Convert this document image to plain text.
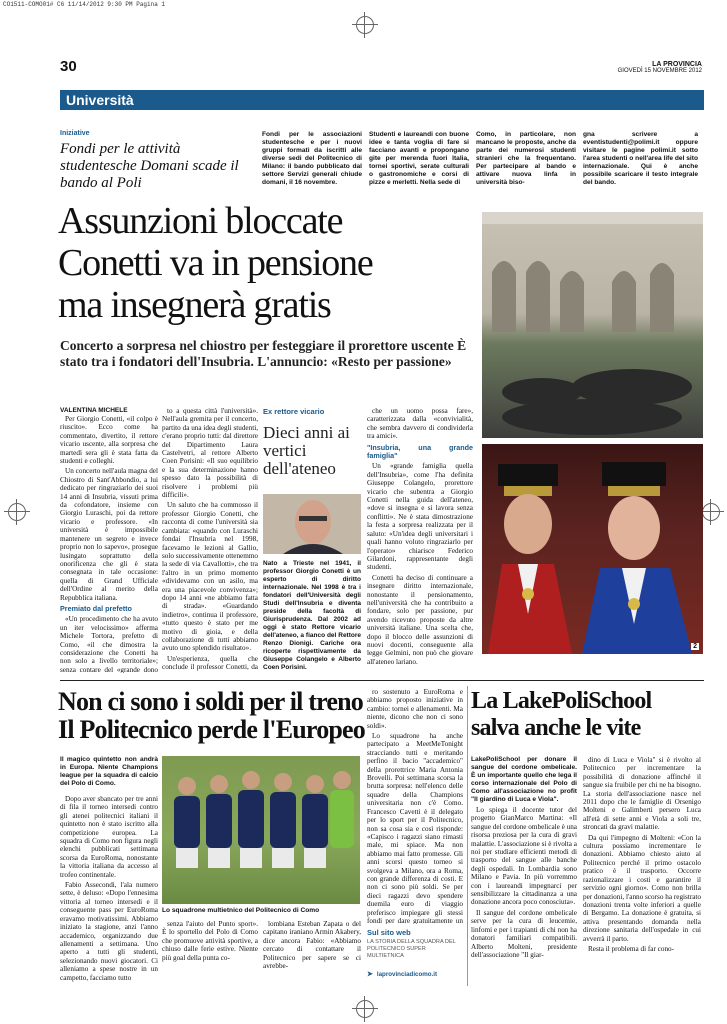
CO1511-COMO01# C6 11/14/2012 9:30 PM Pagina 1
30	LA PROVINCIA
GIOVEDÌ 15 NOVEMBRE 2012
Università
Iniziative
Fondi per le attività studentesche Domani scade il bando al Poli
Fondi per le associazioni studentesche e per i nuovi gruppi formati da iscritti alle diverse sedi del Politecnico di Milano: il bando pubblicato dal settore Servizi generali chiude domani, il 16 novembre.
Studenti e laureandi con buone idee e tanta voglia di fare si facciano avanti e propongano gite per merenda fuori Italia, tornei sportivi, serate culturali o gastronomiche e corsi di pizze e merletti. Nella sede di
Como, in particolare, non mancano le proposte, anche da parte dei numerosi studenti stranieri che la frequentano. Per partecipare al bando e attivare nuova linfa in università biso-
gna scrivere a eventistudenti@polimi.it oppure visitare le pagine polimi.it sotto l'area studenti o nell'area life del sito internazionale. Qui è anche possibile scaricare il testo integrale del bando.
Assunzioni bloccate
Conetti va in pensione
ma insegnerà gratis
Concerto a sorpresa nel chiostro per festeggiare il prorettore uscente È stato tra i fondatori dell'Insubria. L'annuncio: «Resto per passione»
2
VALENTINA MICHELE

Per Giorgio Conetti, «il colpo è riuscito». Ecco come ha commentato, divertito, il rettore vicario uscente, alla sorpresa che martedì sera gli è stata fatta da studenti e colleghi.

Un concerto nell'aula magna del Chiostro di Sant'Abbondio, a lui dedicato per ringraziarlo dei suoi 14 anni di Insubria, vissuti prima da cofondatore, insieme con Giorgio Luraschi, poi da rettore vicario e professore. «In università è impossibile mantenere un segreto e invece proprio non lo sapevo», prosegue lusingato soprattutto della onorificenza che gli è stata consegnata in tale occasione: quella di Grand Ufficiale dell'Ordine al merito della Repubblica italiana.

Premiato dal prefetto

«Un procedimento che ha avuto un iter velocissimo» afferma Michele Tortora, prefetto di Como, «il che dimostra la considerazione che Conetti ha non solo a livello territoriale»; senza contare del «grande dono

to a questa città l'università». Nell'aula gremita per il concerto, partito da una idea degli studenti, c'erano proprio tutti: dal direttore del Dipartimento Laura Castelvetri, al rettore Alberto Coen Porisini: «Il suo equilibrio e la sua determinazione hanno spesso dato la possibilità di risolvere i problemi più difficili».

Un saluto che ha commosso il professor Giorgio Conetti, che racconta di come l'università sia cambiata: «quando con Luraschi fondai l'Insubria nel 1998, facevamo le lezioni al Gallio, solo successivamente ottenemmo la sede di via Cavallotti», che tra l'altro in un primo momento «dividevamo con un asilo, ma era una piacevole convivenza»; dopo 14 anni «ne abbiamo fatta di strada». «Guardando indietro», continua il professore, «tutto questo è stato per me motivo di gioia, e della collaborazione di tutti abbiamo avuto uno splendido risultato».

Un'esperienza, quella che conclude il professor Conetti, da

Ex rettore vicario
Dieci anni ai vertici dell'ateneo
Nato a Trieste nel 1941, il professor Giorgio Conetti è un esperto di diritto internazionale. Nel 1998 è tra i fondatori dell'Università degli Studi dell'Insubria e diventa preside della facoltà di Giurisprudenza. Dal 2002 ad oggi è stato Rettore vicario dell'ateneo, a fianco del Rettore Renzo Dionigi. Cariche ora ricoperte rispettivamente da Giuseppe Colangelo e Alberto Coen Porisini.

che un uomo possa fare», caratterizzata dalla «convivialità, che sembra davvero di condividerla tra amici».

"Insubria, una grande famiglia"

Un «grande famiglia quella dell'Insubria», come l'ha definita Giuseppe Colangelo, prorettore vicario che subentra a Giorgio Conetti nella guida dell'ateneo, «dove si insegna e si lavora senza conflitti». Ne è stata dimostrazione la festa a sorpresa realizzata per il saluto: «Un'idea degli universitari i quali hanno voluto ringraziarlo per l'operato» chiarisce Federico Gilardoni, rappresentante degli studenti.

Conetti ha deciso di continuare a insegnare diritto internazionale, nonostante il pensionamento, nell'università che ha contribuito a fondare, solo per passione, pur avendo ricevuto proposte da altre università italiane. Una scelta che, dopo il blocco delle assunzioni di nuovi docenti, conseguente alla legge Gelmini, non può che giovare all'ateneo lariano.

Non ci sono i soldi per il treno
Il Politecnico perde l'Europeo
Il magico quintetto non andrà in Europa. Niente Champions league per la squadra di calcio del Polo di Como.

Dopo aver sbancato per tre anni di fila il torneo intersedi contro gli atenei politecnici italiani il quintetto non è stato iscritto alla competizione europea. La squadra di Como non figura negli elenchi pubblicati settimana scorsa da EuroRoma, nonostante la vittoria italiana da accesso al trofeo continentale.

Fabio Assecondi, l'ala numero sette, è deluso: «Dopo l'ennesima vittoria al torneo intersedi e il conseguente pass per EuroRoma eravamo motivatissimi. Abbiamo iniziato la stagione, anzi l'anno accademico, organizzando due allenamenti a settimana. Uno aperto a tutti gli studenti, selezionando nuovi giocatori. Ci alleniamo a spese nostre in un campetto, facciamo tutto

Lo squadrone multietnico del Politecnico di Como

senza l'aiuto del Punto sport». È lo sportello del Polo di Como che promuove attività sportive, a chiuso dalle ferie estive. Niente più goal della punta co-

lombiana Esteban Zapata o del capitano iraniano Armin Akabery, dice ancora Fabio: «Abbiamo cercato di contattare il Politecnico per sapere se ci avrebbe-

ro sostenuto a EuroRoma e abbiamo proposto iniziative in cambio: tornei e allenamenti. Ma niente, dicono che non ci sono soldi».

Lo squadrone ha anche partecipato a MeetMeTonight stracciando tutti e meritando perfino il bacio "accademico" della prorettrice Maria Antonia Brovelli. Poi settimana scorsa la brutta sorpresa: nell'elenco delle squadre della Champions universitaria non c'è Como. Francesco Cavetti è il delegato per lo sport per il Politecnico, non sa cosa sia e così risponde: «Capisco i ragazzi siano rimasti male, mi spiace. Ma non abbiamo mai fatto promesse. Gli anni scorsi questo torneo si svolgeva a Milano, ora a Roma, con grande differenza di costi. E non ci sono più soldi. Se per dieci ragazzi devo spendere duemila euro di viaggio preferisco impiegare gli stessi fondi per dare gratuitamente un

Sul sito web
LA STORIA DELLA SQUADRA DEL POLITECNICO SUPER MULTIETNICA
➤ laprovinciadicomo.it
La LakePoliSchool
salva anche le vite
LakePoliSchool per donare il sangue del cordone ombelicale. È un importante quello che lega il corso internazionale del Polo di Como all'associazione no profit "Il giardino di Luca e Viola".

Lo spiega il docente tutor del progetto GianMarco Martina: «Il sangue del cordone ombelicale è una risorsa preziosa per la cura di gravi malattie. L'associazione si è rivolta a noi per studiare efficienti metodi di trasporto del sangue alle banche degli ospedali. In Lombardia sono Milano e Pavia. In più vorremmo con i laureandi impegnarci per sensibilizzare la cittadinanza a una donazione ancora poco conosciuta».

Il sangue del cordone ombelicale serve per la cura di leucemie, linfomi e per i trapianti di chi non ha donatori familiari compatibili. Alberto Molteni, presidente dell'associazione "Il giar-

dino di Luca e Viola" si è rivolto al Politecnico per incrementare la possibilità di donazione affinché il sangue sia fruibile per chi ne ha bisogno. La storia dell'associazione nasce nel 2011 dopo che le famiglie di Orsenigo Molteni e Galimberti persero Luca all'età di sette anni e Viola a soli tre, stroncati da gravi malattie.

Da qui l'impegno di Molteni: «Con la cultura possiamo incrementare le donazioni. Abbiamo chiesto aiuto al Politecnico perché il primo ostacolo pratico è il trasporto. Occorre razionalizzare i costi e garantire il servizio ogni giorno». Como non brilla per donazioni, l'anno scorso ha registrato donazioni trenta volte inferiori a quelle di Bergamo. La donazione è gratuita, si attiva presentando domanda nella direzione sanitaria dell'ospedale in cui avverrà il parto.

Resta il problema di far cono-
